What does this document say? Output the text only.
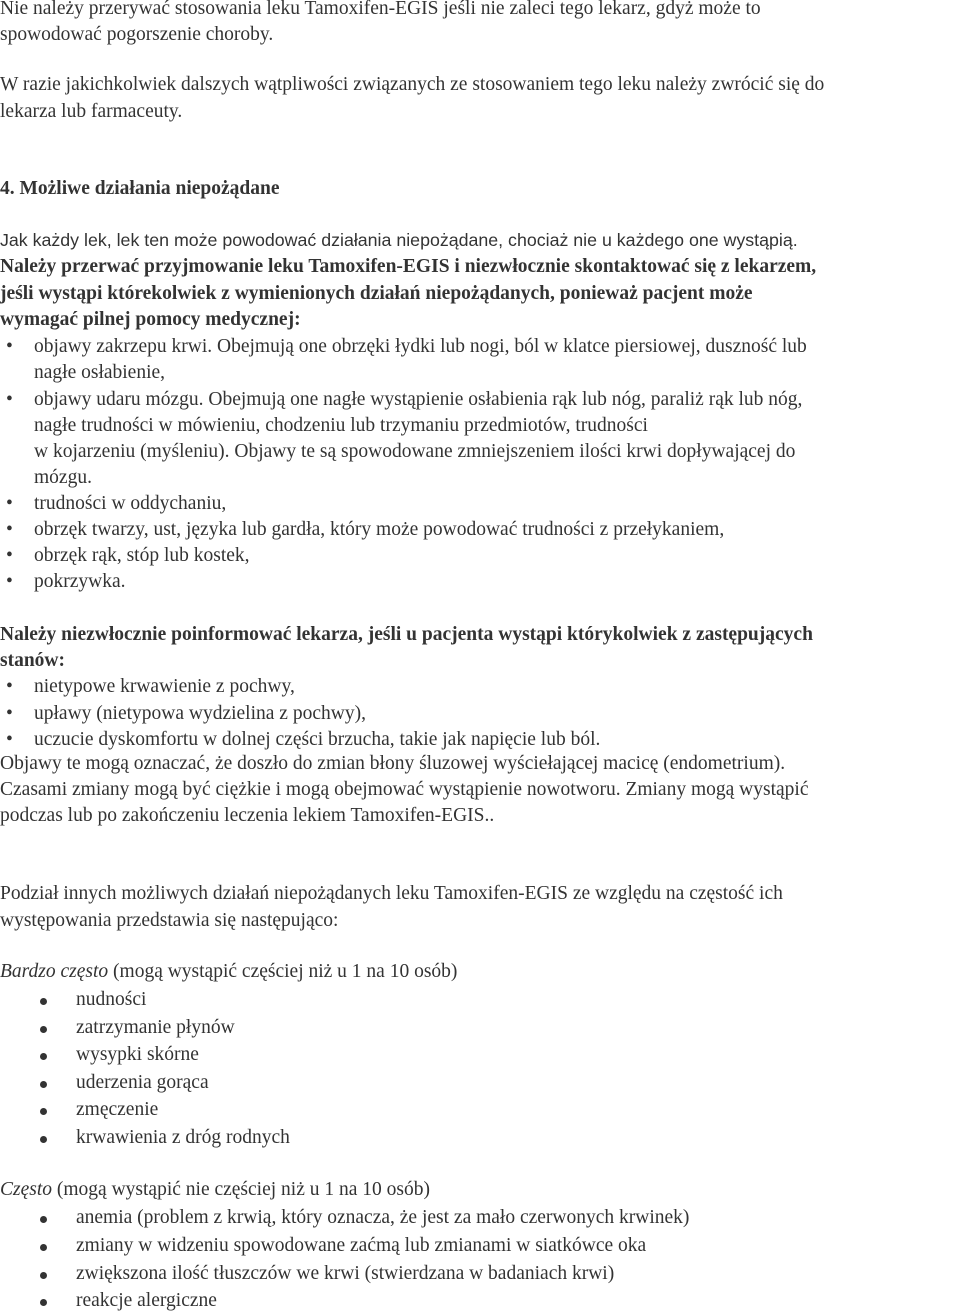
Nie należy przerywać stosowania leku Tamoxifen-EGIS jeśli nie zaleci tego lekarz, gdyż może to

spowodować pogorszenie choroby.

W razie jakichkolwiek dalszych wątpliwości związanych ze stosowaniem tego leku należy zwrócić się do

lekarza lub farmaceuty.

4. Możliwe działania niepożądane

Jak każdy lek, lek ten może powodować działania niepożądane, chociaż nie u każdego one wystąpią.

Należy przerwać przyjmowanie leku Tamoxifen-EGIS i niezwłocznie skontaktować się z lekarzem,

jeśli wystąpi którekolwiek z wymienionych działań niepożądanych, ponieważ pacjent może

wymagać pilnej pomocy medycznej:

• objawy zakrzepu krwi. Obejmują one obrzęki łydki lub nogi, ból w klatce piersiowej, duszność lub

nagłe osłabienie,

• objawy udaru mózgu. Obejmują one nagłe wystąpienie osłabienia rąk lub nóg, paraliż rąk lub nóg,

nagłe trudności w mówieniu, chodzeniu lub trzymaniu przedmiotów, trudności

w kojarzeniu (myśleniu). Objawy te są spowodowane zmniejszeniem ilości krwi dopływającej do

mózgu.

• trudności w oddychaniu,

• obrzęk twarzy, ust, języka lub gardła, który może powodować trudności z przełykaniem,

• obrzęk rąk, stóp lub kostek,

• pokrzywka.

Należy niezwłocznie poinformować lekarza, jeśli u pacjenta wystąpi którykolwiek z zastępujących

stanów:

• nietypowe krwawienie z pochwy,

• upławy (nietypowa wydzielina z pochwy),

• uczucie dyskomfortu w dolnej części brzucha, takie jak napięcie lub ból.

Objawy te mogą oznaczać, że doszło do zmian błony śluzowej wyściełającej macicę (endometrium).

Czasami zmiany mogą być ciężkie i mogą obejmować wystąpienie nowotworu. Zmiany mogą wystąpić

podczas lub po zakończeniu leczenia lekiem Tamoxifen-EGIS..

Podział innych możliwych działań niepożądanych leku Tamoxifen-EGIS ze względu na częstość ich

występowania przedstawia się następująco:

Bardzo często (mogą wystąpić częściej niż u 1 na 10 osób)

nudności

zatrzymanie płynów

wysypki skórne

uderzenia gorąca

zmęczenie

krwawienia z dróg rodnych

Często (mogą wystąpić nie częściej niż u 1 na 10 osób)

anemia (problem z krwią, który oznacza, że jest za mało czerwonych krwinek)

zmiany w widzeniu spowodowane zaćmą lub zmianami w siatkówce oka

zwiększona ilość tłuszczów we krwi (stwierdzana w badaniach krwi)

reakcje alergiczne
